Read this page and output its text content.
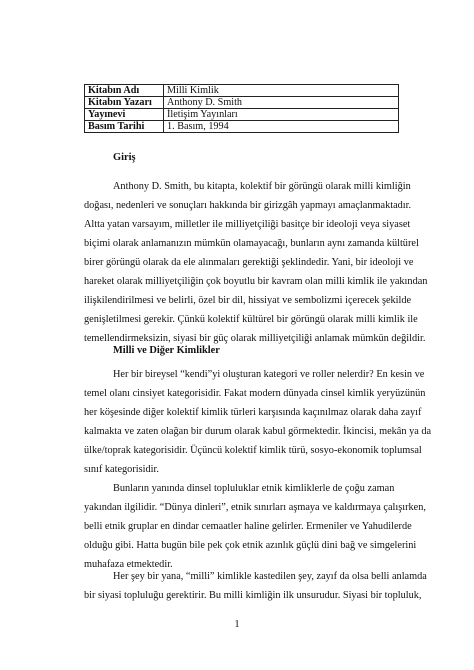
Kitabın Adı	Milli Kimlik
Kitabın Yazarı	Anthony D. Smith
Yayınevi	İletişim Yayınları
Basım Tarihi	1. Basım, 1994
Giriş
Anthony D. Smith, bu kitapta, kolektif bir görüngü olarak milli kimliğin
doğası, nedenleri ve sonuçları hakkında bir girizgâh yapmayı amaçlanmaktadır.
Altta yatan varsayım, milletler ile milliyetçiliği basitçe bir ideoloji veya siyaset
biçimi olarak anlamanızın mümkün olamayacağı, bunların aynı zamanda kültürel
birer görüngü olarak da ele alınmaları gerektiği şeklindedir. Yani, bir ideoloji ve
hareket olarak milliyetçiliğin çok boyutlu bir kavram olan milli kimlik ile yakından
ilişkilendirilmesi ve belirli, özel bir dil, hissiyat ve sembolizmi içerecek şekilde
genişletilmesi gerekir. Çünkü kolektif kültürel bir görüngü olarak milli kimlik ile
temellendirmeksizin, siyasi bir güç olarak milliyetçiliği anlamak mümkün değildir.
Milli ve Diğer Kimlikler
Her bir bireysel “kendi”yi oluşturan kategori ve roller nelerdir? En kesin ve
temel olanı cinsiyet kategorisidir. Fakat modern dünyada cinsel kimlik yeryüzünün
her köşesinde diğer kolektif kimlik türleri karşısında kaçınılmaz olarak daha zayıf
kalmakta ve zaten olağan bir durum olarak kabul görmektedir. İkincisi, mekân ya da
ülke/toprak kategorisidir. Üçüncü kolektif kimlik türü, sosyo-ekonomik toplumsal
sınıf kategorisidir.
Bunların yanında dinsel topluluklar etnik kimliklerle de çoğu zaman
yakından ilgilidir. “Dünya dinleri”, etnik sınırları aşmaya ve kaldırmaya çalışırken,
belli etnik gruplar en dindar cemaatler haline gelirler. Ermeniler ve Yahudilerde
olduğu gibi. Hatta bugün bile pek çok etnik azınlık güçlü dini bağ ve simgelerini
muhafaza etmektedir.
Her şey bir yana, “milli” kimlikle kastedilen şey, zayıf da olsa belli anlamda
bir siyasi topluluğu gerektirir. Bu milli kimliğin ilk unsurudur. Siyasi bir topluluk,
1
